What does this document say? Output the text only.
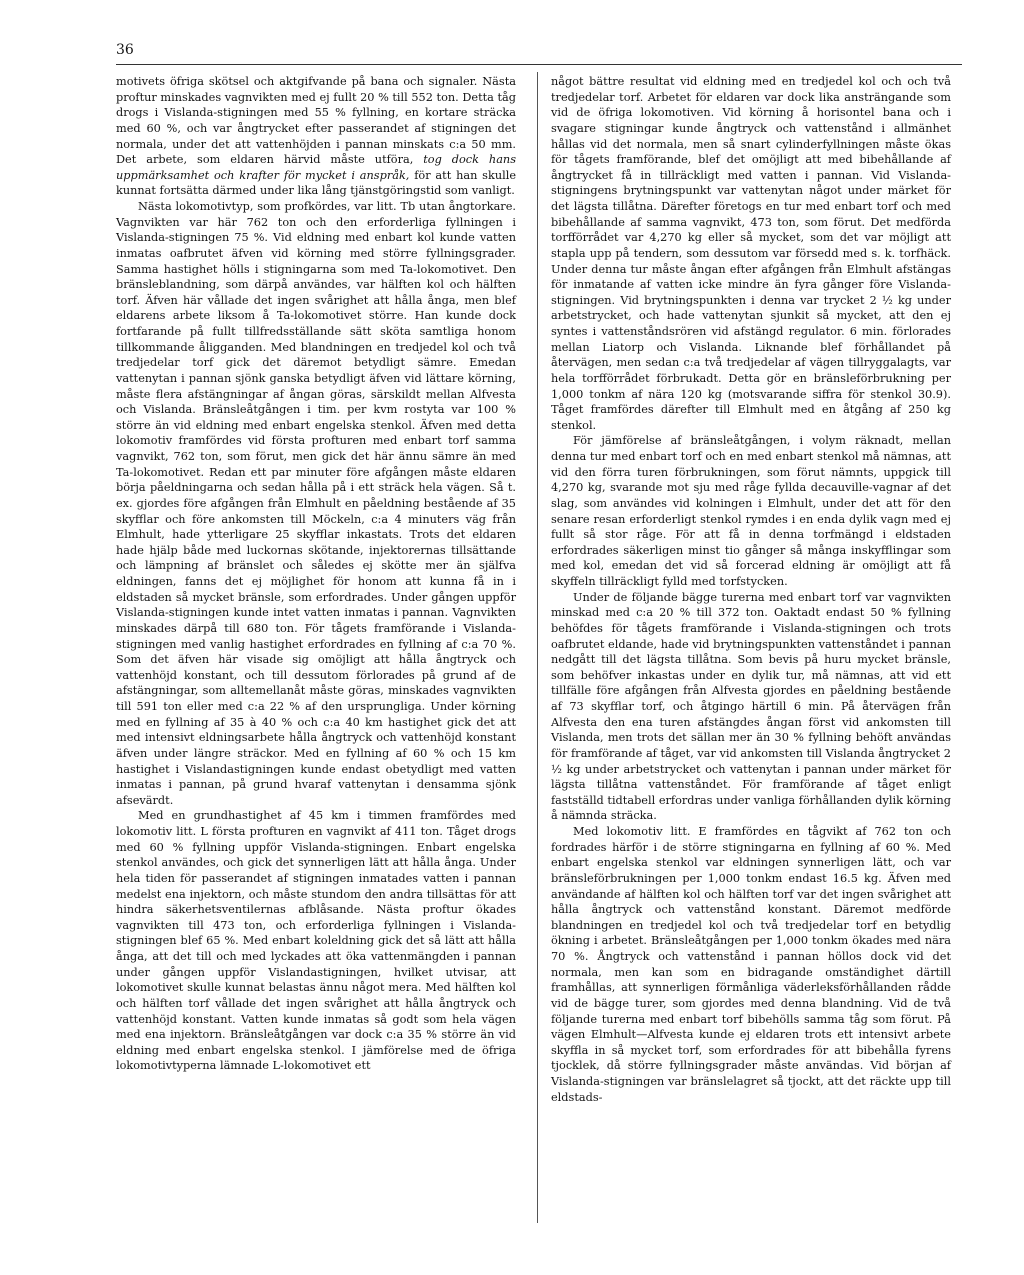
36

motivets öfriga skötsel och aktgifvande på bana och signaler. Nästa proftur minskades vagnvikten med ej fullt 20 % till 552 ton. Detta tåg drogs i Vislanda-stigningen med 55 % fyllning, en kortare sträcka med 60 %, och var ångtrycket efter passerandet af stigningen det normala, under det att vattenhöjden i pannan minskats c:a 50 mm. Det arbete, som eldaren härvid måste utföra, tog dock hans uppmärksamhet och krafter för mycket i anspråk, för att han skulle kunnat fortsätta därmed under lika lång tjänstgöringstid som vanligt.

Nästa lokomotivtyp, som profkördes, var litt. Tb utan ångtorkare. Vagnvikten var här 762 ton och den erforderliga fyllningen i Vislanda-stigningen 75 %. Vid eldning med enbart kol kunde vatten inmatas oafbrutet äfven vid körning med större fyllningsgrader. Samma hastighet hölls i stigningarna som med Ta-lokomotivet. Den bränsleblandning, som därpå användes, var hälften kol och hälften torf. Äfven här vållade det ingen svårighet att hålla ånga, men blef eldarens arbete liksom å Ta-lokomotivet större. Han kunde dock fortfarande på fullt tillfredsställande sätt sköta samtliga honom tillkommande åligganden. Med blandningen en tredjedel kol och två tredjedelar torf gick det däremot betydligt sämre. Emedan vattenytan i pannan sjönk ganska betydligt äfven vid lättare körning, måste flera afstängningar af ångan göras, särskildt mellan Alfvesta och Vislanda. Bränsleåtgången i tim. per kvm rostyta var 100 % större än vid eldning med enbart engelska stenkol. Äfven med detta lokomotiv framfördes vid första profturen med enbart torf samma vagnvikt, 762 ton, som förut, men gick det här ännu sämre än med Ta-lokomotivet. Redan ett par minuter före afgången måste eldaren börja påeldningarna och sedan hålla på i ett sträck hela vägen. Så t. ex. gjordes före afgången från Elmhult en påeldning bestående af 35 skyfflar och före ankomsten till Möckeln, c:a 4 minuters väg från Elmhult, hade ytterligare 25 skyfflar inkastats. Trots det eldaren hade hjälp både med luckornas skötande, injektorernas tillsättande och lämpning af bränslet och således ej skötte mer än själfva eldningen, fanns det ej möjlighet för honom att kunna få in i eldstaden så mycket bränsle, som erfordrades. Under gången uppför Vislanda-stigningen kunde intet vatten inmatas i pannan. Vagnvikten minskades därpå till 680 ton. För tågets framförande i Vislanda-stigningen med vanlig hastighet erfordrades en fyllning af c:a 70 %. Som det äfven här visade sig omöjligt att hålla ångtryck och vattenhöjd konstant, och till dessutom förlorades på grund af de afstängningar, som alltemellanåt måste göras, minskades vagnvikten till 591 ton eller med c:a 22 % af den ursprungliga. Under körning med en fyllning af 35 à 40 % och c:a 40 km hastighet gick det att med intensivt eldningsarbete hålla ångtryck och vattenhöjd konstant äfven under längre sträckor. Med en fyllning af 60 % och 15 km hastighet i Vislandastigningen kunde endast obetydligt med vatten inmatas i pannan, på grund hvaraf vattenytan i densamma sjönk afsevärdt.

Med en grundhastighet af 45 km i timmen framfördes med lokomotiv litt. L första profturen en vagnvikt af 411 ton. Tåget drogs med 60 % fyllning uppför Vislanda-stigningen. Enbart engelska stenkol användes, och gick det synnerligen lätt att hålla ånga. Under hela tiden för passerandet af stigningen inmatades vatten i pannan medelst ena injektorn, och måste stundom den andra tillsättas för att hindra säkerhetsventilernas afblåsande. Nästa proftur ökades vagnvikten till 473 ton, och erforderliga fyllningen i Vislanda-stigningen blef 65 %. Med enbart koleldning gick det så lätt att hålla ånga, att det till och med lyckades att öka vattenmängden i pannan under gången uppför Vislandastigningen, hvilket utvisar, att lokomotivet skulle kunnat belastas ännu något mera. Med hälften kol och hälften torf vållade det ingen svårighet att hålla ångtryck och vattenhöjd konstant. Vatten kunde inmatas så godt som hela vägen med ena injektorn. Bränsleåtgången var dock c:a 35 % större än vid eldning med enbart engelska stenkol. I jämförelse med de öfriga lokomotivtyperna lämnade L-lokomotivet ett

något bättre resultat vid eldning med en tredjedel kol och och två tredjedelar torf. Arbetet för eldaren var dock lika ansträngande som vid de öfriga lokomotiven. Vid körning å horisontel bana och i svagare stigningar kunde ångtryck och vattenstånd i allmänhet hållas vid det normala, men så snart cylinderfyllningen måste ökas för tågets framförande, blef det omöjligt att med bibehållande af ångtrycket få in tillräckligt med vatten i pannan. Vid Vislanda-stigningens brytningspunkt var vattenytan något under märket för det lägsta tillåtna. Därefter företogs en tur med enbart torf och med bibehållande af samma vagnvikt, 473 ton, som förut. Det medförda torfförrådet var 4,270 kg eller så mycket, som det var möjligt att stapla upp på tendern, som dessutom var försedd med s. k. torfhäck. Under denna tur måste ångan efter afgången från Elmhult afstängas för inmatande af vatten icke mindre än fyra gånger före Vislanda-stigningen. Vid brytningspunkten i denna var trycket 2 ½ kg under arbetstrycket, och hade vattenytan sjunkit så mycket, att den ej syntes i vattenståndsrören vid afstängd regulator. 6 min. förlorades mellan Liatorp och Vislanda. Liknande blef förhållandet på återvägen, men sedan c:a två tredjedelar af vägen tillryggalagts, var hela torfförrådet förbrukadt. Detta gör en bränsleförbrukning per 1,000 tonkm af nära 120 kg (motsvarande siffra för stenkol 30.9). Tåget framfördes därefter till Elmhult med en åtgång af 250 kg stenkol.

För jämförelse af bränsleåtgången, i volym räknadt, mellan denna tur med enbart torf och en med enbart stenkol må nämnas, att vid den förra turen förbrukningen, som förut nämnts, uppgick till 4,270 kg, svarande mot sju med råge fyllda decauville-vagnar af det slag, som användes vid kolningen i Elmhult, under det att för den senare resan erforderligt stenkol rymdes i en enda dylik vagn med ej fullt så stor råge. För att få in denna torfmängd i eldstaden erfordrades säkerligen minst tio gånger så många inskyfflingar som med kol, emedan det vid så forcerad eldning är omöjligt att få skyffeln tillräckligt fylld med torfstycken.

Under de följande bägge turerna med enbart torf var vagnvikten minskad med c:a 20 % till 372 ton. Oaktadt endast 50 % fyllning behöfdes för tågets framförande i Vislanda-stigningen och trots oafbrutet eldande, hade vid brytningspunkten vattenståndet i pannan nedgått till det lägsta tillåtna. Som bevis på huru mycket bränsle, som behöfver inkastas under en dylik tur, må nämnas, att vid ett tillfälle före afgången från Alfvesta gjordes en påeldning bestående af 73 skyfflar torf, och åtgingo härtill 6 min. På återvägen från Alfvesta den ena turen afstängdes ångan först vid ankomsten till Vislanda, men trots det sällan mer än 30 % fyllning behöft användas för framförande af tåget, var vid ankomsten till Vislanda ångtrycket 2 ½ kg under arbetstrycket och vattenytan i pannan under märket för lägsta tillåtna vattenståndet. För framförande af tåget enligt fastställd tidtabell erfordras under vanliga förhållanden dylik körning å nämnda sträcka.

Med lokomotiv litt. E framfördes en tågvikt af 762 ton och fordrades härför i de större stigningarna en fyllning af 60 %. Med enbart engelska stenkol var eldningen synnerligen lätt, och var bränsleförbrukningen per 1,000 tonkm endast 16.5 kg. Äfven med användande af hälften kol och hälften torf var det ingen svårighet att hålla ångtryck och vattenstånd konstant. Däremot medförde blandningen en tredjedel kol och två tredjedelar torf en betydlig ökning i arbetet. Bränsleåtgången per 1,000 tonkm ökades med nära 70 %. Ångtryck och vattenstånd i pannan höllos dock vid det normala, men kan som en bidragande omständighet därtill framhållas, att synnerligen förmånliga väderleksförhållanden rådde vid de bägge turer, som gjordes med denna blandning. Vid de två följande turerna med enbart torf bibehölls samma tåg som förut. På vägen Elmhult—Alfvesta kunde ej eldaren trots ett intensivt arbete skyffla in så mycket torf, som erfordrades för att bibehålla fyrens tjocklek, då större fyllningsgrader måste användas. Vid början af Vislanda-stigningen var bränslelagret så tjockt, att det räckte upp till eldstads-
